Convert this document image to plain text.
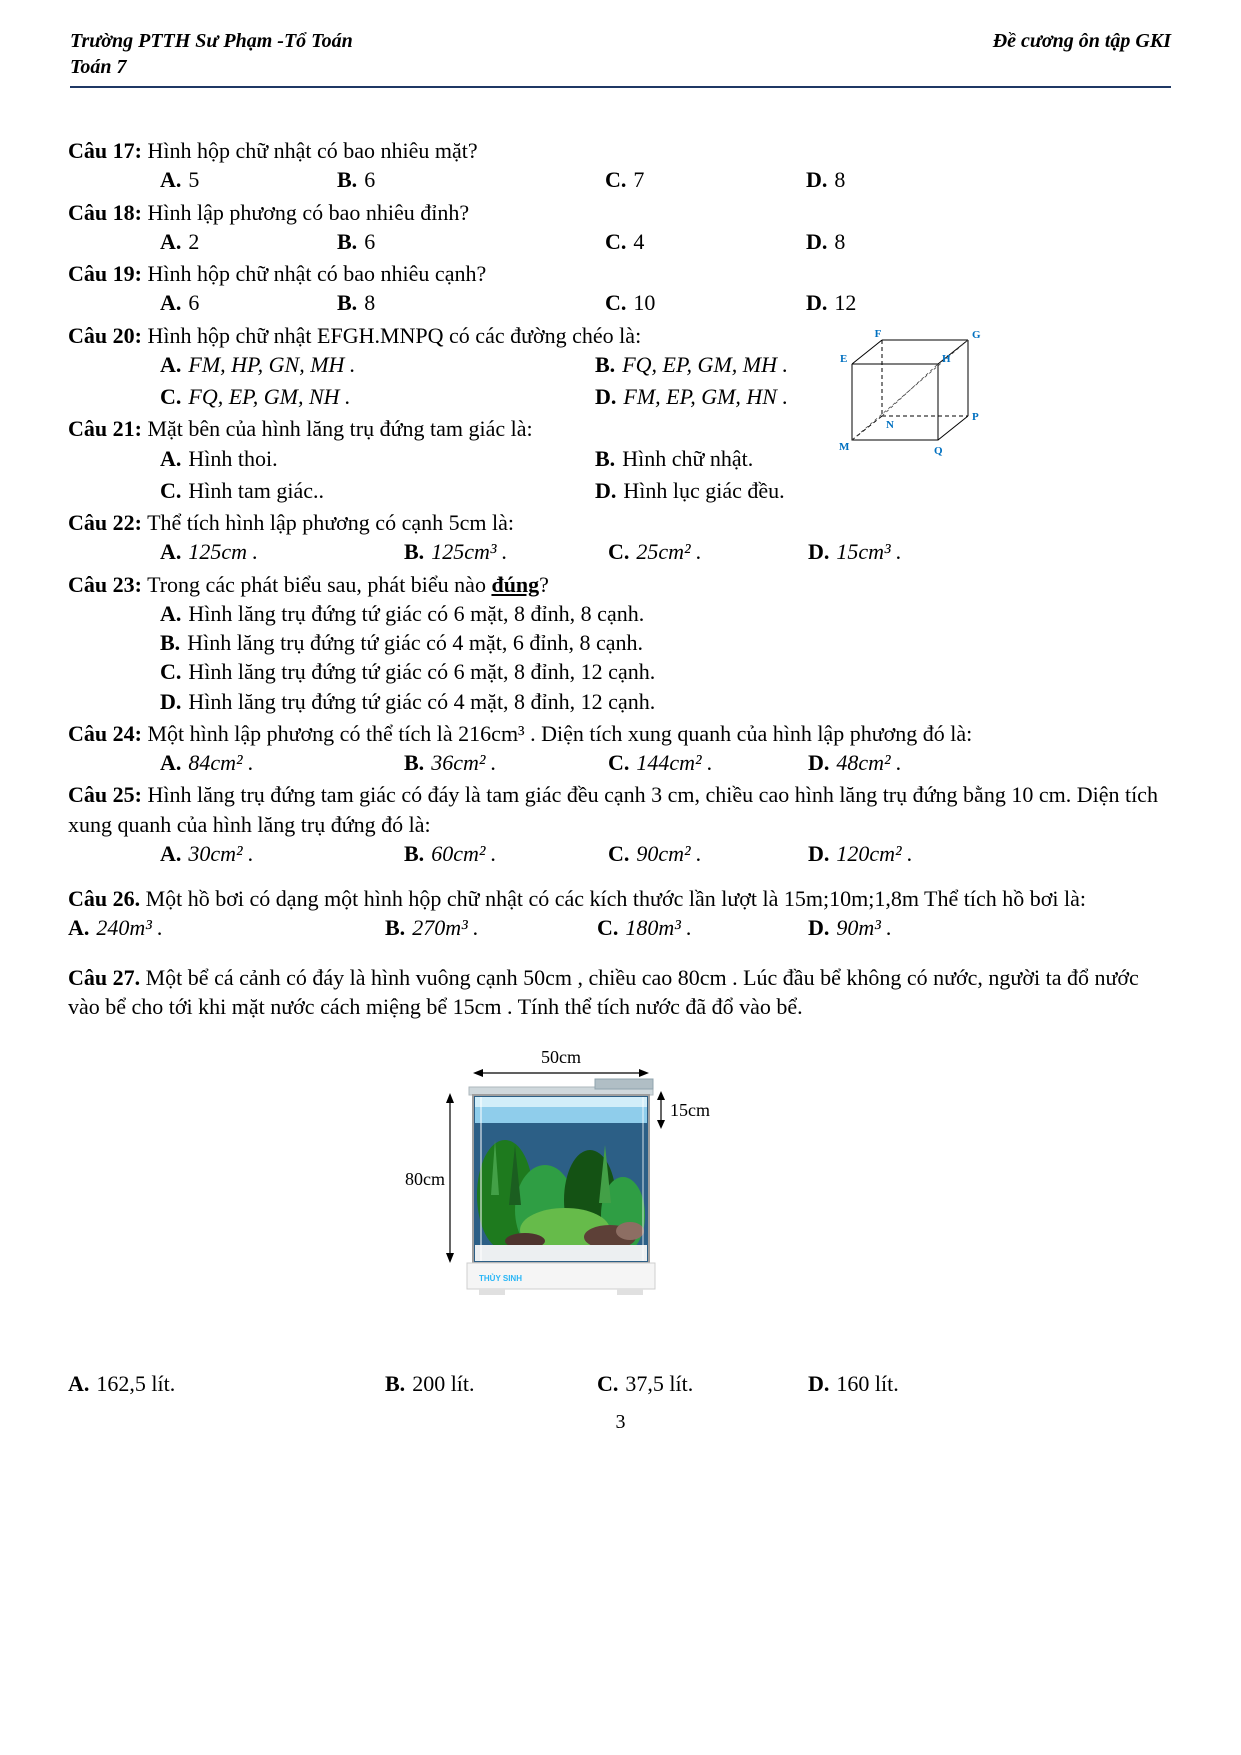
Trường PTTH Sư Phạm -Tổ Toán
Toán 7
Đề cương ôn tập GKI
F	G
E	H
N
P
M	Q

Câu 17: Hình hộp chữ nhật có bao nhiêu mặt?

A. 5	B. 6	C. 7	D. 8

Câu 18: Hình lập phương có bao nhiêu đỉnh?

A. 2	B. 6	C. 4	D. 8

Câu 19: Hình hộp chữ nhật có bao nhiêu cạnh?

A. 6	B. 8	C. 10	D. 12

Câu 20: Hình hộp chữ nhật EFGH.MNPQ có các đường chéo là:

A. FM, HP, GN, MH .	B. FQ, EP, GM, MH .
C. FQ, EP, GM, NH .	D. FM, EP, GM, HN .

Câu 21: Mặt bên của hình lăng trụ đứng tam giác là:

A. Hình thoi.	B. Hình chữ nhật.
C. Hình tam giác..	D. Hình lục giác đều.

Câu 22: Thể tích hình lập phương có cạnh 5cm là:

A. 125cm .	B. 125cm³ .	C. 25cm² .	D. 15cm³ .

Câu 23: Trong các phát biểu sau, phát biểu nào đúng?

A. Hình lăng trụ đứng tứ giác có 6 mặt, 8 đỉnh, 8 cạnh.
B. Hình lăng trụ đứng tứ giác có 4 mặt, 6 đỉnh, 8 cạnh.
C. Hình lăng trụ đứng tứ giác có 6 mặt, 8 đỉnh, 12 cạnh.
D. Hình lăng trụ đứng tứ giác có 4 mặt, 8 đỉnh, 12 cạnh.

Câu 24: Một hình lập phương có thể tích là 216cm³ . Diện tích xung quanh của hình lập phương đó là:

A. 84cm² .	B. 36cm² .	C. 144cm² .	D. 48cm² .

Câu 25: Hình lăng trụ đứng tam giác có đáy là tam giác đều cạnh 3 cm, chiều cao hình lăng trụ đứng bằng 10 cm. Diện tích xung quanh của hình lăng trụ đứng đó là:

A. 30cm² .	B. 60cm² .	C. 90cm² .	D. 120cm² .

Câu 26. Một hồ bơi có dạng một hình hộp chữ nhật có các kích thước lần lượt là 15m;10m;1,8m Thể tích hồ bơi là:

A. 240m³ .	B. 270m³ .	C. 180m³ .	D. 90m³ .

Câu 27. Một bể cá cảnh có đáy là hình vuông cạnh 50cm , chiều cao 80cm . Lúc đầu bể không có nước, người ta đổ nước vào bể cho tới khi mặt nước cách miệng bể 15cm . Tính thể tích nước đã đổ vào bể.

50cm
80cm
15cm
THỦY SINH
A. 162,5 lít.	B. 200 lít.	C. 37,5 lít.	D. 160 lít.
3
